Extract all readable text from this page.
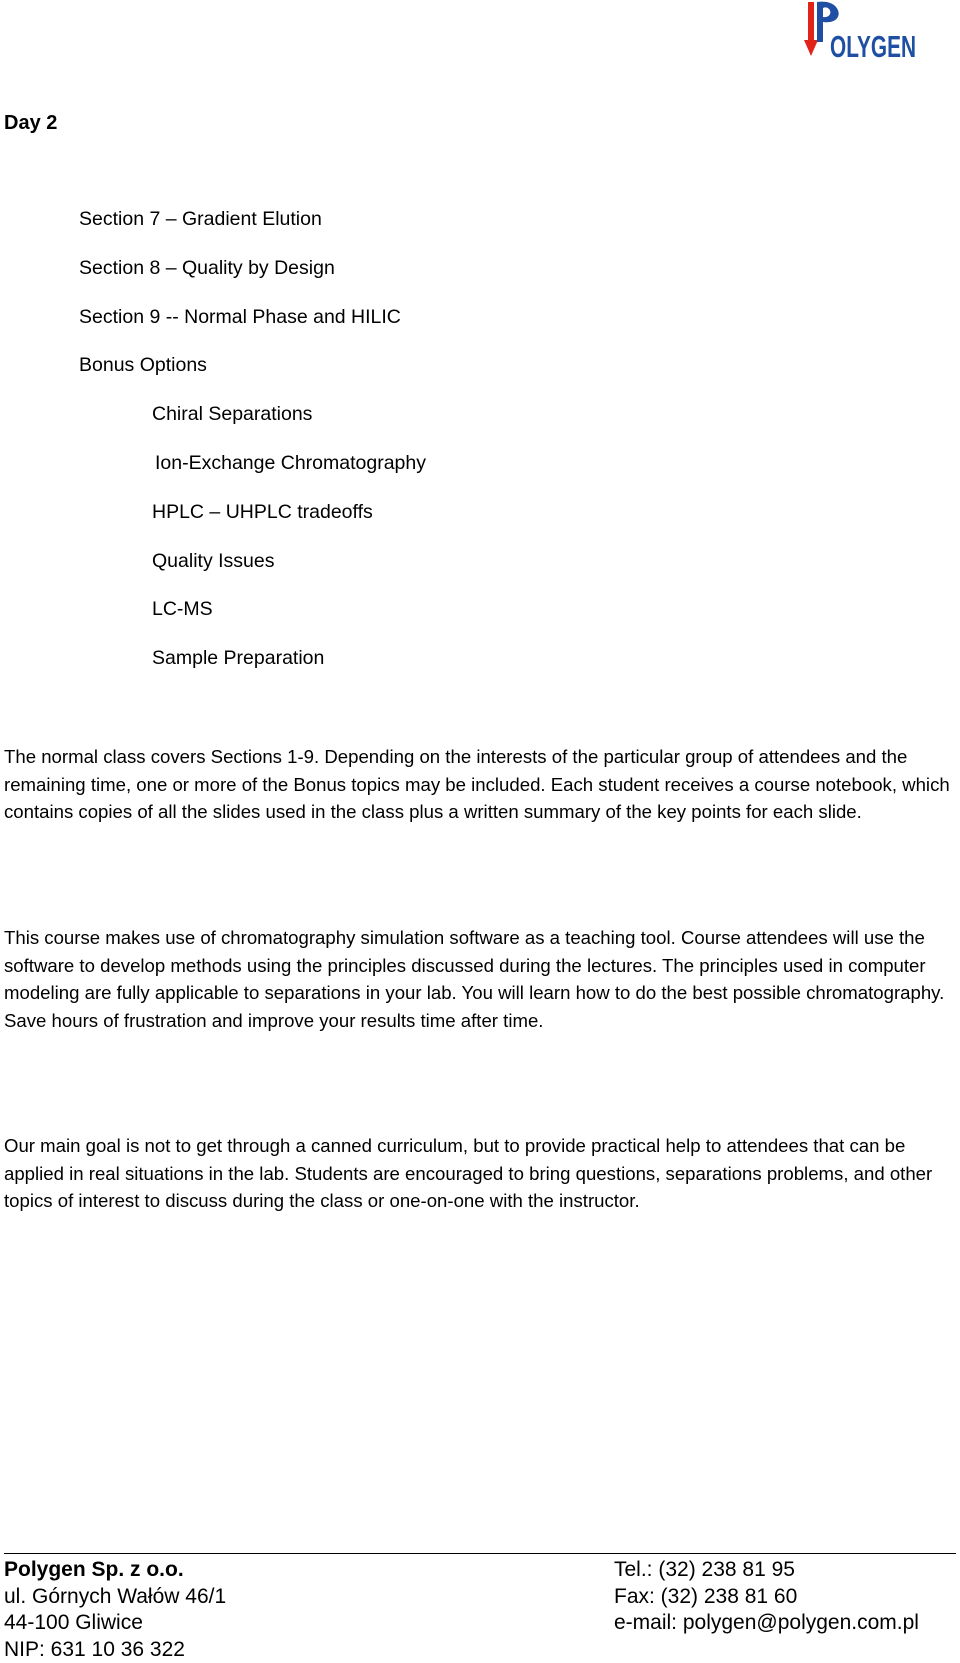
OLYGEN
Day 2
Section 7 – Gradient Elution
Section 8 – Quality by Design
Section 9 -- Normal Phase and HILIC
Bonus Options
Chiral Separations
Ion-Exchange Chromatography
HPLC – UHPLC tradeoffs
Quality Issues
LC-MS
Sample Preparation

The normal class covers Sections 1-9. Depending on the interests of the particular group of attendees and the remaining time, one or more of the Bonus topics may be included. Each student receives a course notebook, which contains copies of all the slides used in the class plus a written summary of the key points for each slide.

This course makes use of chromatography simulation software as a teaching tool. Course attendees will use the software to develop methods using the principles discussed during the lectures. The principles used in computer modeling are fully applicable to separations in your lab. You will learn how to do the best possible chromatography. Save hours of frustration and improve your results time after time.

Our main goal is not to get through a canned curriculum, but to provide practical help to attendees that can be applied in real situations in the lab. Students are encouraged to bring questions, separations problems, and other topics of interest to discuss during the class or one-on-one with the instructor.

Polygen Sp. z o.o.
ul. Górnych Wałów 46/1
44-100 Gliwice
NIP: 631 10 36 322
Tel.: (32) 238 81 95
Fax: (32) 238 81 60
e-mail: polygen@polygen.com.pl
